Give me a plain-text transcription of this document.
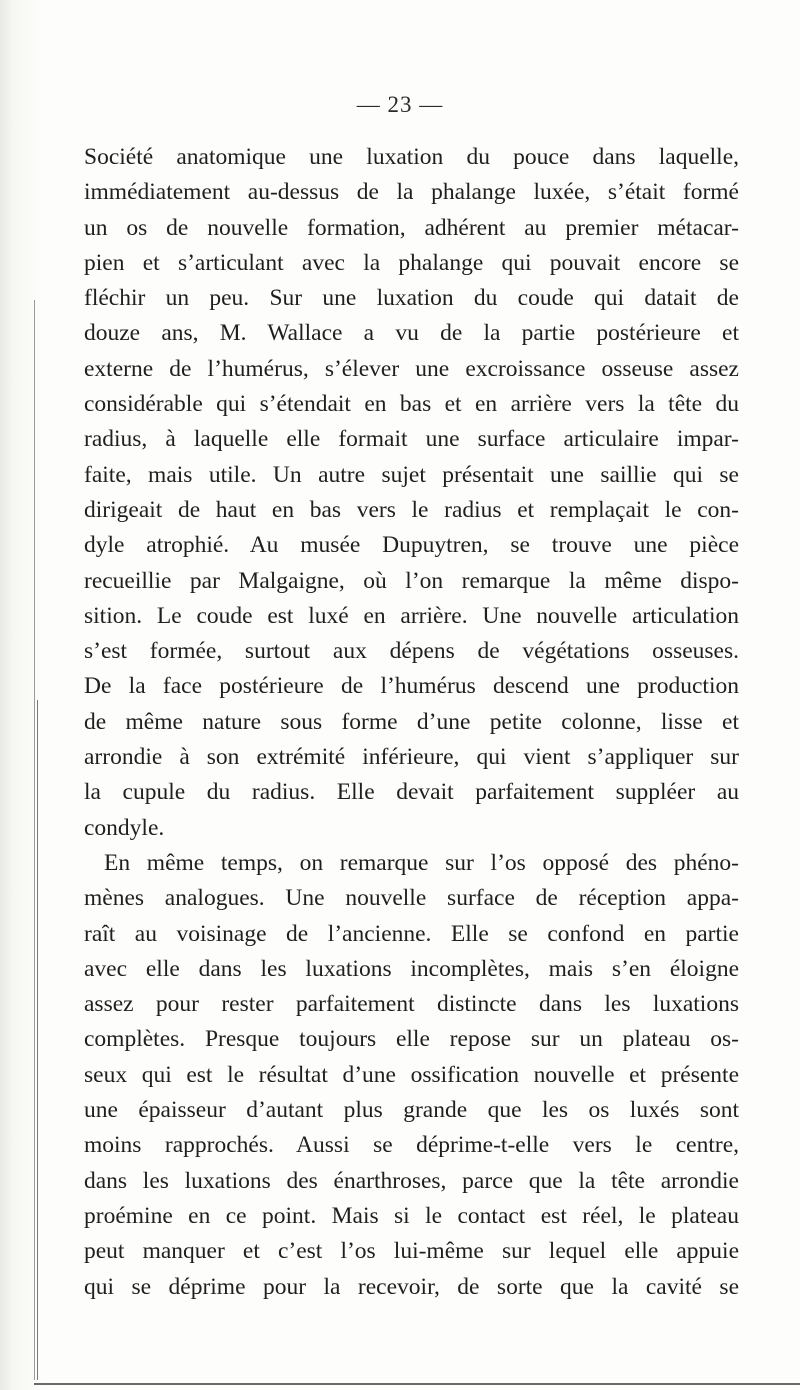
— 23 —
Société anatomique une luxation du pouce dans laquelle,
immédiatement au-dessus de la phalange luxée, s’était formé
un os de nouvelle formation, adhérent au premier métacar-
pien et s’articulant avec la phalange qui pouvait encore se
fléchir un peu. Sur une luxation du coude qui datait de
douze ans, M. Wallace a vu de la partie postérieure et
externe de l’humérus, s’élever une excroissance osseuse assez
considérable qui s’étendait en bas et en arrière vers la tête du
radius, à laquelle elle formait une surface articulaire impar-
faite, mais utile. Un autre sujet présentait une saillie qui se
dirigeait de haut en bas vers le radius et remplaçait le con-
dyle atrophié. Au musée Dupuytren, se trouve une pièce
recueillie par Malgaigne, où l’on remarque la même dispo-
sition. Le coude est luxé en arrière. Une nouvelle articulation
s’est formée, surtout aux dépens de végétations osseuses.
De la face postérieure de l’humérus descend une production
de même nature sous forme d’une petite colonne, lisse et
arrondie à son extrémité inférieure, qui vient s’appliquer sur
la cupule du radius. Elle devait parfaitement suppléer au
condyle.
En même temps, on remarque sur l’os opposé des phéno-
mènes analogues. Une nouvelle surface de réception appa-
raît au voisinage de l’ancienne. Elle se confond en partie
avec elle dans les luxations incomplètes, mais s’en éloigne
assez pour rester parfaitement distincte dans les luxations
complètes. Presque toujours elle repose sur un plateau os-
seux qui est le résultat d’une ossification nouvelle et présente
une épaisseur d’autant plus grande que les os luxés sont
moins rapprochés. Aussi se déprime-t-elle vers le centre,
dans les luxations des énarthroses, parce que la tête arrondie
proémine en ce point. Mais si le contact est réel, le plateau
peut manquer et c’est l’os lui-même sur lequel elle appuie
qui se déprime pour la recevoir, de sorte que la cavité se
